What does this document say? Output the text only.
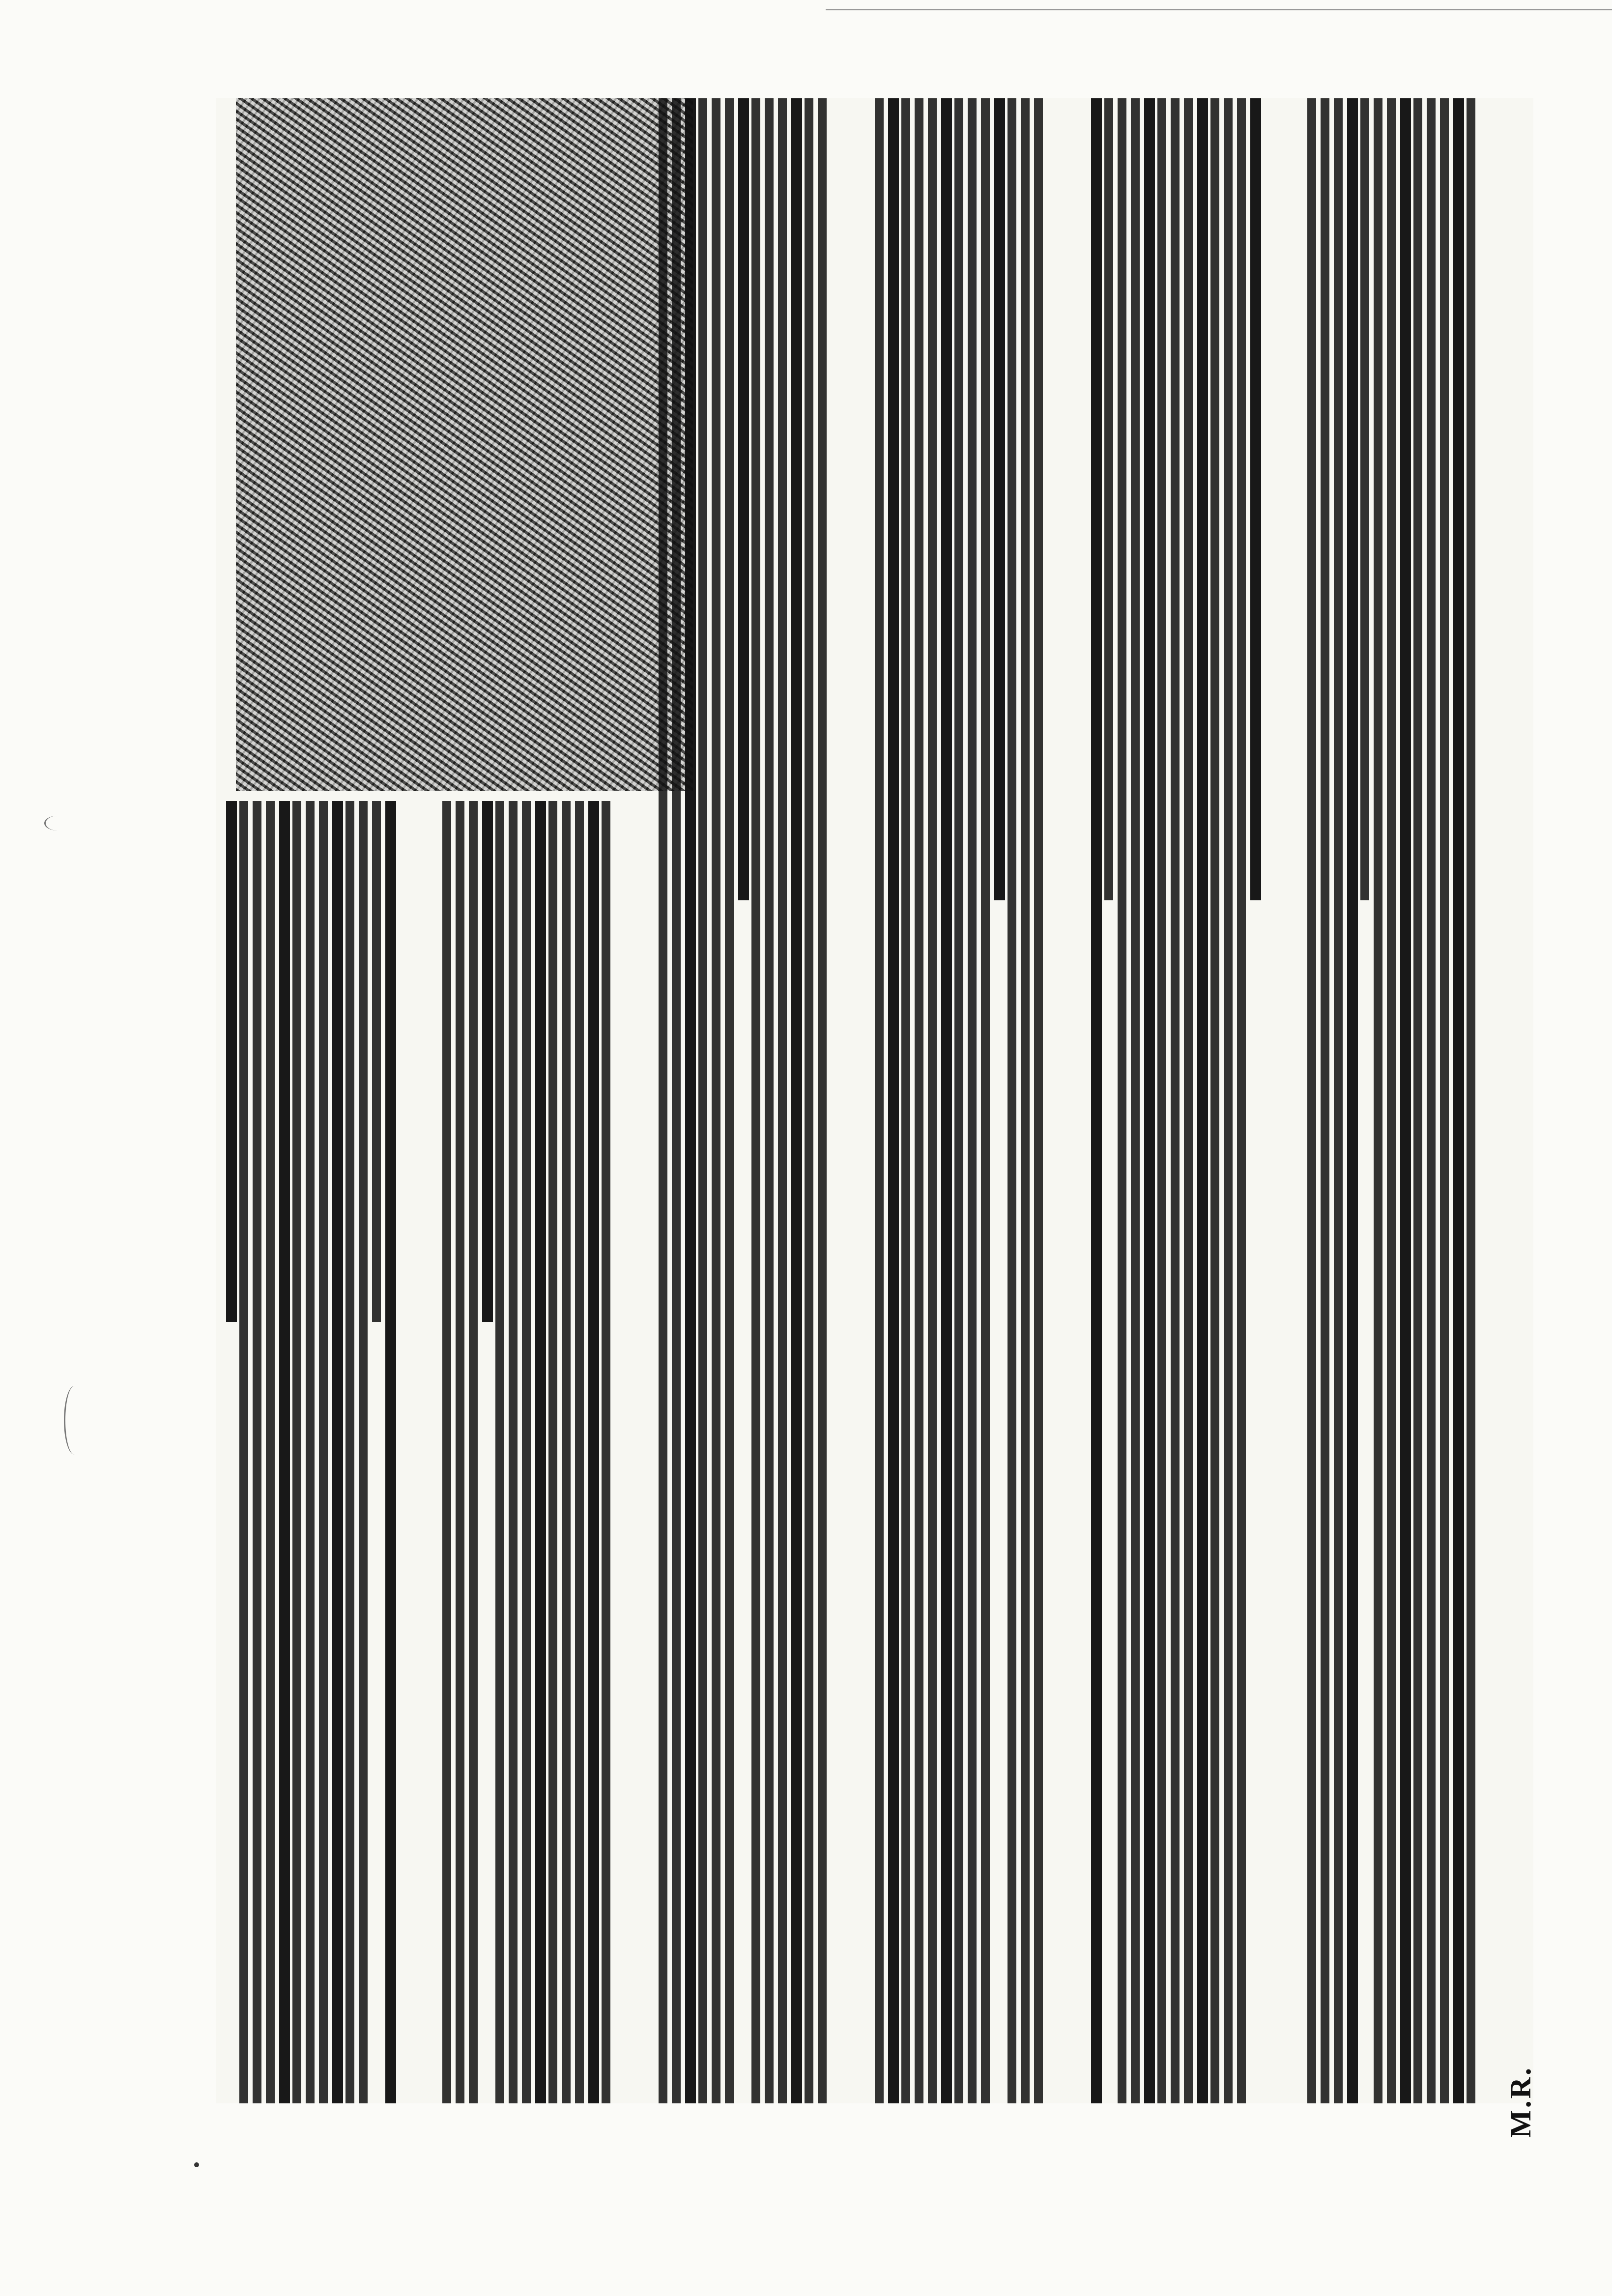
M.R.
